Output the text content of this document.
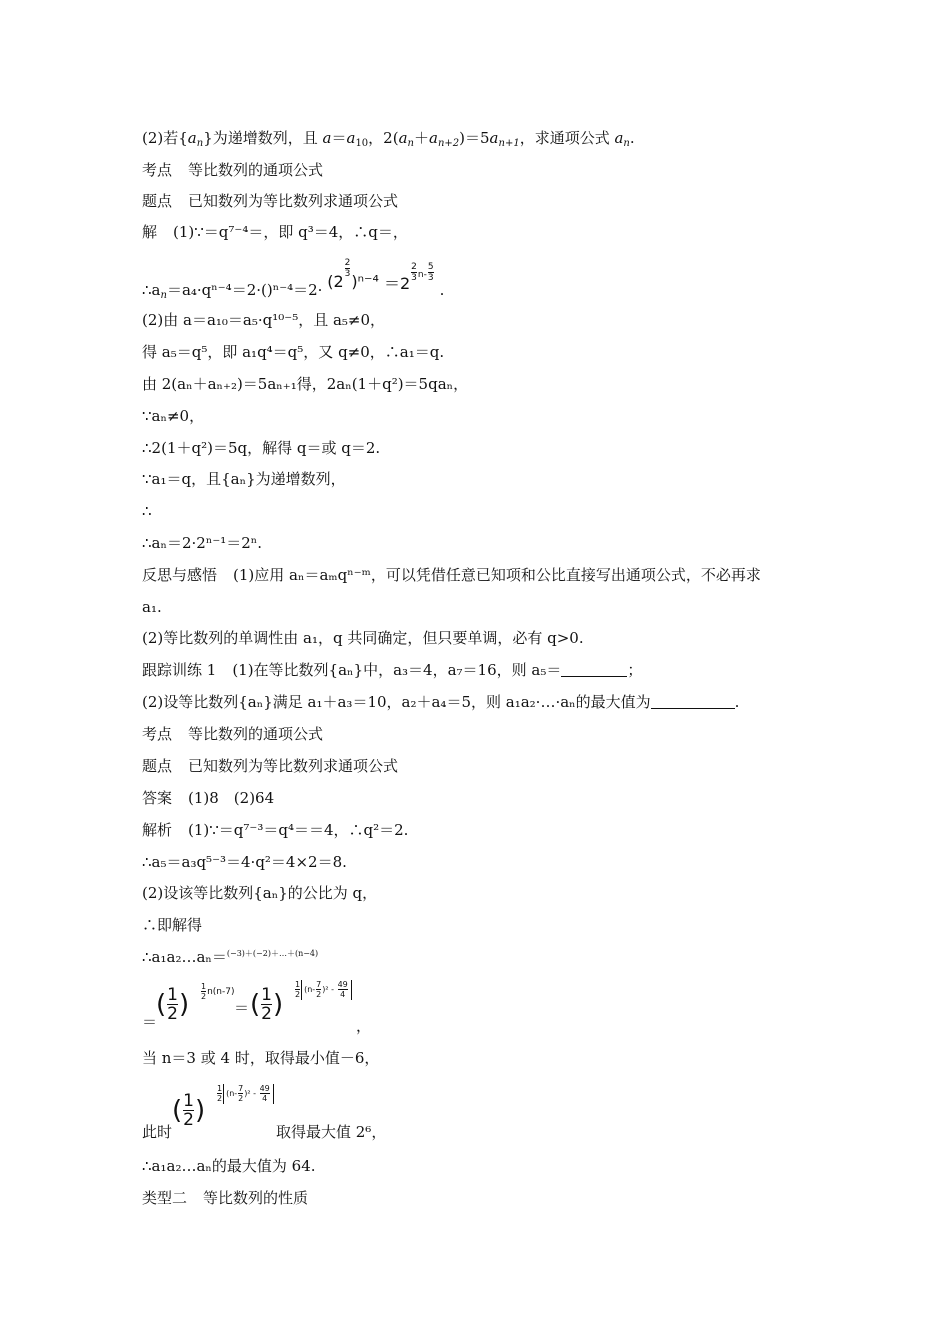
(2)若$\{a_n\}$为递增数列，且 $a=a_{10}$，$2(a_n+a_{n+2})=5a_{n+1}$，求通项公式 $a_n$.
考点 等比数列的通项公式
题点 已知数列为等比数列求通项公式
解 (1)∵＝q⁷⁻⁴＝，即 q³＝4，∴q＝，
$\therefore a_n=a_4\cdot q^{n-4}=2\cdot()^{n-4}=2\cdot (2$
$\frac{2}{3}$
)ⁿ⁻⁴ ＝2
$\frac{2}{3} ^{n-} \frac{5}{3}$
.
(2)由 a＝a₁₀＝a₅·q¹⁰⁻⁵，且 a₅≠0，
得 a₅＝q⁵，即 a₁q⁴＝q⁵，又 q≠0，∴a₁＝q.
由 2(aₙ＋aₙ₊₂)＝5aₙ₊₁得，2aₙ(1＋q²)＝5qaₙ，
∵aₙ≠0，
∴2(1＋q²)＝5q，解得 q＝或 q＝2.
∵a₁＝q，且{aₙ}为递增数列，
∴
∴aₙ＝2·2ⁿ⁻¹＝2ⁿ.
反思与感悟 (1)应用 aₙ＝aₘqⁿ⁻ᵐ，可以凭借任意已知项和公比直接写出通项公式，不必再求
a₁.
(2)等比数列的单调性由 a₁，q 共同确定，但只要单调，必有 q>0.
跟踪训练 1 (1)在等比数列{aₙ}中，a₃＝4，a₇＝16，则 a₅＝	；
(2)设等比数列{aₙ}满足 a₁＋a₃＝10，a₂＋a₄＝5，则 a₁a₂·…·aₙ的最大值为	.
考点 等比数列的通项公式
题点 已知数列为等比数列求通项公式
答案 (1)8　(2)64
解析 (1)∵＝q⁷⁻³＝q⁴＝＝4，∴q²＝2.
∴a₅＝a₃q⁵⁻³＝4·q²＝4×2＝8.
(2)设该等比数列{aₙ}的公比为 q，
∴即解得
∴a₁a₂…aₙ＝$^{(-3)+(-2)+\dots+(n-4)}$
＝
( $\frac{1}{2}$ ) $\frac{1}{2} n(n-7)$
＝ ( $\frac{1}{2}$ ) $\frac{1}{2} (n- \frac{7}{2} )^2 - \frac{49}{4}$
，
当 n＝3 或 4 时，取得最小值－6，
此时
( $\frac{1}{2}$ )
$\frac{1}{2} (n- \frac{7}{2} )^2 - \frac{49}{4}$
取得最大值 2⁶，
∴a₁a₂…aₙ的最大值为 64.
类型二 等比数列的性质
